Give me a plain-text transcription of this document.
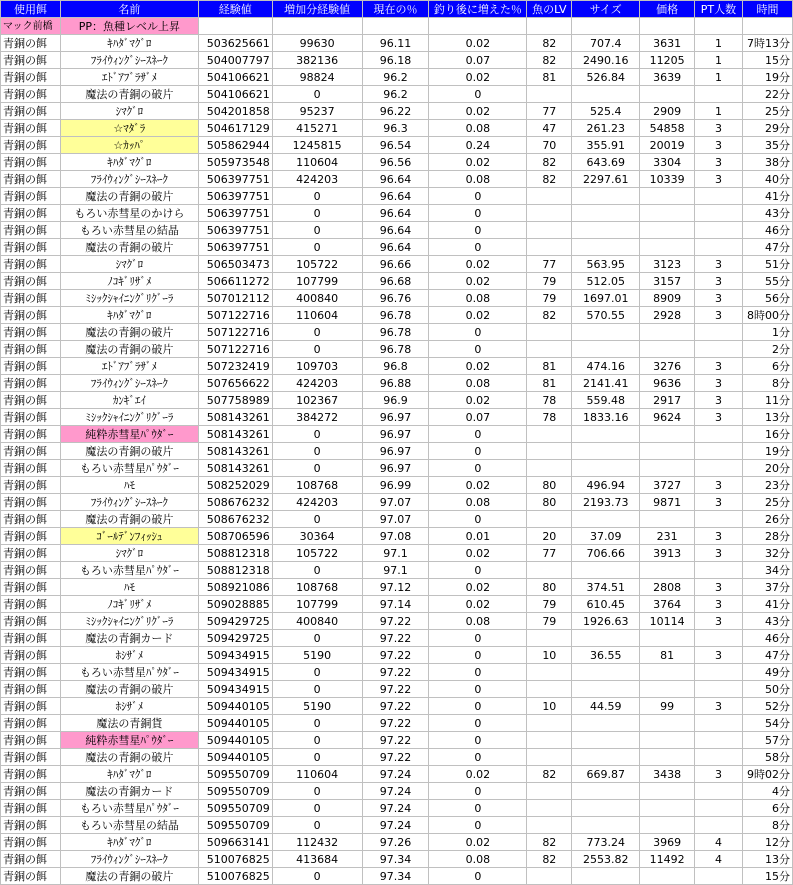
使用餌	名前	経験値	増加分経験値	現在の％	釣り後に増えた％	魚のLV	サイズ	価格	PT人数	時間
マック前橋	PP：魚種レベル上昇									
青銅の餌	ｷﾊﾀﾞﾏｸﾞﾛ	503625661	99630	96.11	0.02	82	707.4	3631	1	7時13分
青銅の餌	ﾌﾗｲｳｨﾝｸﾞｼｰｽﾈｰｸ	504007797	382136	96.18	0.07	82	2490.16	11205	1	15分
青銅の餌	ｴﾄﾞｱﾌﾞﾗｻﾞﾒ	504106621	98824	96.2	0.02	81	526.84	3639	1	19分
青銅の餌	魔法の青銅の破片	504106621	0	96.2	0					22分
青銅の餌	ｼﾏｸﾞﾛ	504201858	95237	96.22	0.02	77	525.4	2909	1	25分
青銅の餌	☆ﾏﾀﾞﾗ	504617129	415271	96.3	0.08	47	261.23	54858	3	29分
青銅の餌	☆ｶｯﾊﾟ	505862944	1245815	96.54	0.24	70	355.91	20019	3	35分
青銅の餌	ｷﾊﾀﾞﾏｸﾞﾛ	505973548	110604	96.56	0.02	82	643.69	3304	3	38分
青銅の餌	ﾌﾗｲｳｨﾝｸﾞｼｰｽﾈｰｸ	506397751	424203	96.64	0.08	82	2297.61	10339	3	40分
青銅の餌	魔法の青銅の破片	506397751	0	96.64	0					41分
青銅の餌	もろい赤彗星のかけら	506397751	0	96.64	0					43分
青銅の餌	もろい赤彗星の結晶	506397751	0	96.64	0					46分
青銅の餌	魔法の青銅の破片	506397751	0	96.64	0					47分
青銅の餌	ｼﾏｸﾞﾛ	506503473	105722	96.66	0.02	77	563.95	3123	3	51分
青銅の餌	ﾉｺｷﾞﾘｻﾞﾒ	506611272	107799	96.68	0.02	79	512.05	3157	3	55分
青銅の餌	ﾐｼｯｸｼｬｲﾆﾝｸﾞﾘｸﾞｰﾗ	507012112	400840	96.76	0.08	79	1697.01	8909	3	56分
青銅の餌	ｷﾊﾀﾞﾏｸﾞﾛ	507122716	110604	96.78	0.02	82	570.55	2928	3	8時00分
青銅の餌	魔法の青銅の破片	507122716	0	96.78	0					1分
青銅の餌	魔法の青銅の破片	507122716	0	96.78	0					2分
青銅の餌	ｴﾄﾞｱﾌﾞﾗｻﾞﾒ	507232419	109703	96.8	0.02	81	474.16	3276	3	6分
青銅の餌	ﾌﾗｲｳｨﾝｸﾞｼｰｽﾈｰｸ	507656622	424203	96.88	0.08	81	2141.41	9636	3	8分
青銅の餌	ｶﾝｷﾞｴｲ	507758989	102367	96.9	0.02	78	559.48	2917	3	11分
青銅の餌	ﾐｼｯｸｼｬｲﾆﾝｸﾞﾘｸﾞｰﾗ	508143261	384272	96.97	0.07	78	1833.16	9624	3	13分
青銅の餌	純粋赤彗星ﾊﾟｳﾀﾞｰ	508143261	0	96.97	0					16分
青銅の餌	魔法の青銅の破片	508143261	0	96.97	0					19分
青銅の餌	もろい赤彗星ﾊﾟｳﾀﾞｰ	508143261	0	96.97	0					20分
青銅の餌	ﾊﾓ	508252029	108768	96.99	0.02	80	496.94	3727	3	23分
青銅の餌	ﾌﾗｲｳｨﾝｸﾞｼｰｽﾈｰｸ	508676232	424203	97.07	0.08	80	2193.73	9871	3	25分
青銅の餌	魔法の青銅の破片	508676232	0	97.07	0					26分
青銅の餌	ｺﾞｰﾙﾃﾞﾝﾌｨｯｼｭ	508706596	30364	97.08	0.01	20	37.09	231	3	28分
青銅の餌	ｼﾏｸﾞﾛ	508812318	105722	97.1	0.02	77	706.66	3913	3	32分
青銅の餌	もろい赤彗星ﾊﾟｳﾀﾞｰ	508812318	0	97.1	0					34分
青銅の餌	ﾊﾓ	508921086	108768	97.12	0.02	80	374.51	2808	3	37分
青銅の餌	ﾉｺｷﾞﾘｻﾞﾒ	509028885	107799	97.14	0.02	79	610.45	3764	3	41分
青銅の餌	ﾐｼｯｸｼｬｲﾆﾝｸﾞﾘｸﾞｰﾗ	509429725	400840	97.22	0.08	79	1926.63	10114	3	43分
青銅の餌	魔法の青銅カード	509429725	0	97.22	0					46分
青銅の餌	ﾎｼｻﾞﾒ	509434915	5190	97.22	0	10	36.55	81	3	47分
青銅の餌	もろい赤彗星ﾊﾟｳﾀﾞｰ	509434915	0	97.22	0					49分
青銅の餌	魔法の青銅の破片	509434915	0	97.22	0					50分
青銅の餌	ﾎｼｻﾞﾒ	509440105	5190	97.22	0	10	44.59	99	3	52分
青銅の餌	魔法の青銅貨	509440105	0	97.22	0					54分
青銅の餌	純粋赤彗星ﾊﾟｳﾀﾞｰ	509440105	0	97.22	0					57分
青銅の餌	魔法の青銅の破片	509440105	0	97.22	0					58分
青銅の餌	ｷﾊﾀﾞﾏｸﾞﾛ	509550709	110604	97.24	0.02	82	669.87	3438	3	9時02分
青銅の餌	魔法の青銅カード	509550709	0	97.24	0					4分
青銅の餌	もろい赤彗星ﾊﾟｳﾀﾞｰ	509550709	0	97.24	0					6分
青銅の餌	もろい赤彗星の結晶	509550709	0	97.24	0					8分
青銅の餌	ｷﾊﾀﾞﾏｸﾞﾛ	509663141	112432	97.26	0.02	82	773.24	3969	4	12分
青銅の餌	ﾌﾗｲｳｨﾝｸﾞｼｰｽﾈｰｸ	510076825	413684	97.34	0.08	82	2553.82	11492	4	13分
青銅の餌	魔法の青銅の破片	510076825	0	97.34	0					15分
